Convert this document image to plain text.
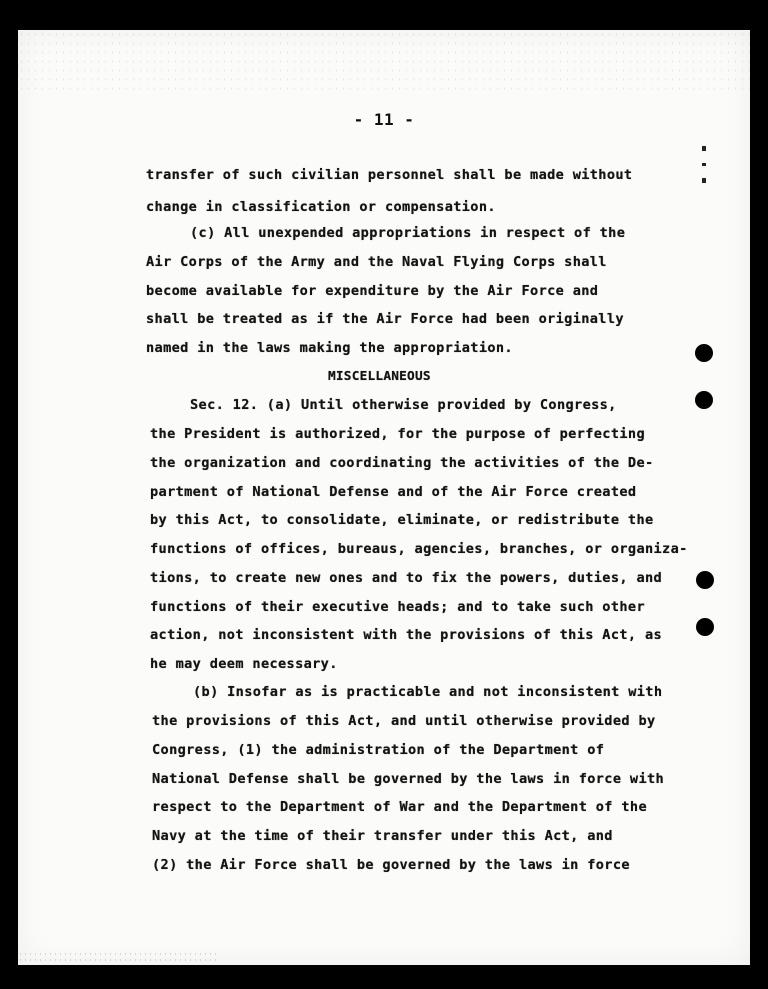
- 11 -
transfer of such civilian personnel shall be made without
change in classification or compensation.
(c) All unexpended appropriations in respect of the
Air Corps of the Army and the Naval Flying Corps shall
become available for expenditure by the Air Force and
shall be treated as if the Air Force had been originally
named in the laws making the appropriation.
MISCELLANEOUS
Sec. 12. (a) Until otherwise provided by Congress,
the President is authorized, for the purpose of perfecting
the organization and coordinating the activities of the De-
partment of National Defense and of the Air Force created
by this Act, to consolidate, eliminate, or redistribute the
functions of offices, bureaus, agencies, branches, or organiza-
tions, to create new ones and to fix the powers, duties, and
functions of their executive heads; and to take such other
action, not inconsistent with the provisions of this Act, as
he may deem necessary.
(b) Insofar as is practicable and not inconsistent with
the provisions of this Act, and until otherwise provided by
Congress, (1) the administration of the Department of
National Defense shall be governed by the laws in force with
respect to the Department of War and the Department of the
Navy at the time of their transfer under this Act, and
(2) the Air Force shall be governed by the laws in force
